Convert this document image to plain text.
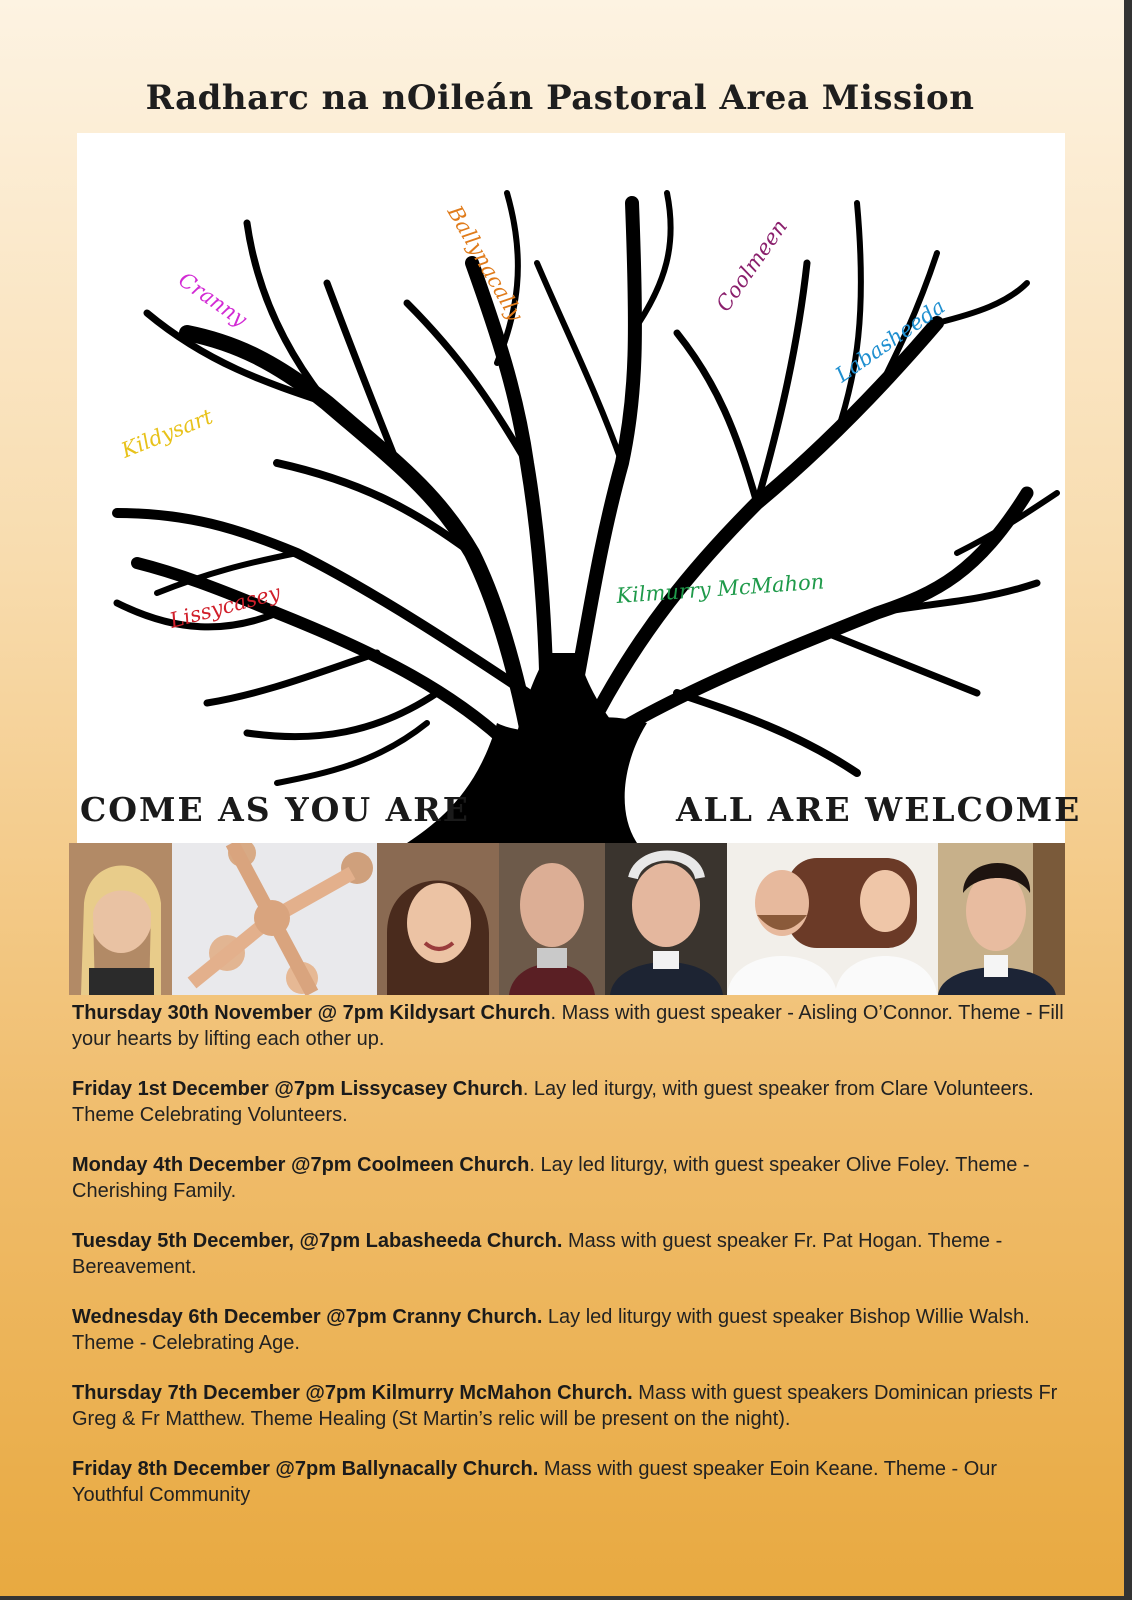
Radharc na nOileán Pastoral Area Mission
Cranny	Ballynacally	Coolmeen
Labasheeda
Kildysart
Lissycasey	Kilmurry McMahon
COME AS YOU ARE	ALL ARE WELCOME
Thursday 30th November @ 7pm Kildysart Church. Mass with guest speaker - Aisling O’Connor. Theme - Fill your hearts by lifting each other up.
Friday 1st December @7pm Lissycasey Church. Lay led iturgy, with guest speaker from Clare Volunteers. Theme Celebrating Volunteers.
Monday 4th December @7pm Coolmeen Church. Lay led liturgy, with guest speaker Olive Foley. Theme - Cherishing Family.
Tuesday 5th December, @7pm Labasheeda Church. Mass with guest speaker Fr. Pat Hogan. Theme - Bereavement.
Wednesday 6th December @7pm Cranny Church. Lay led liturgy with guest speaker Bishop Willie Walsh. Theme - Celebrating Age.
Thursday 7th December @7pm Kilmurry McMahon Church. Mass with guest speakers Dominican priests Fr Greg & Fr Matthew. Theme Healing (St Martin’s relic will be present on the night).
Friday 8th December @7pm Ballynacally Church. Mass with guest speaker Eoin Keane. Theme - Our Youthful Community
